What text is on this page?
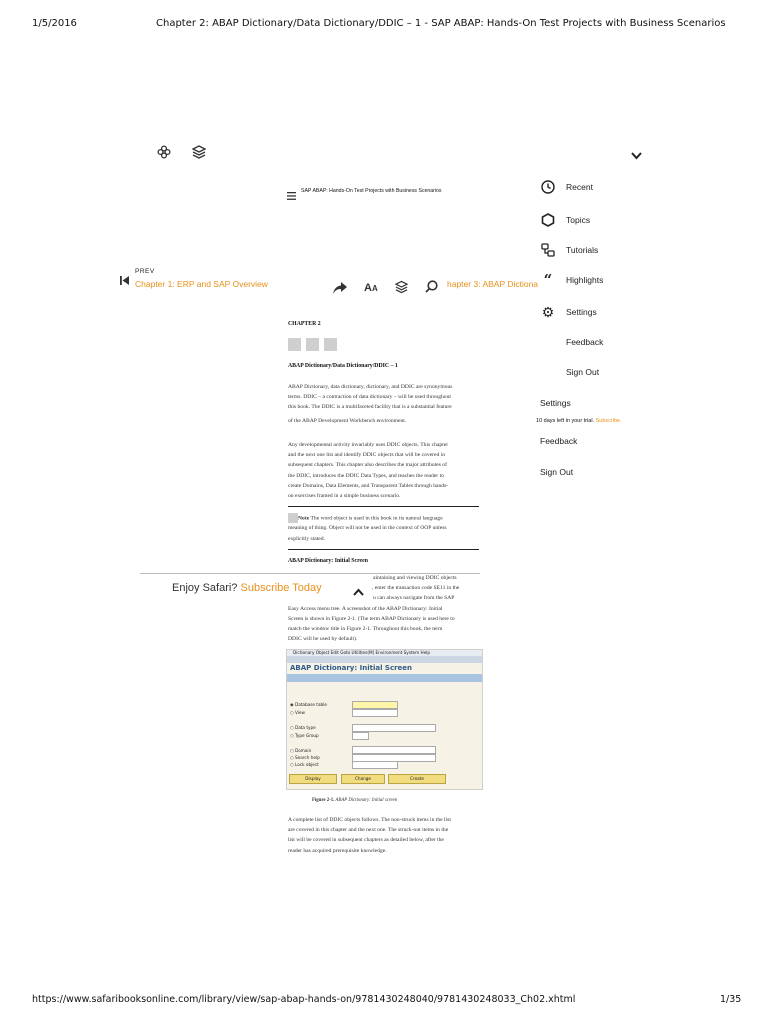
1/5/2016	Chapter 2: ABAP Dictionary/Data Dictionary/DDIC – 1 - SAP ABAP: Hands-On Test Projects with Business Scenarios
SAP ABAP: Hands-On Test Projects with Business Scenarios	Recent
Topics
Tutorials
“	Highlights
⚙	Settings
Feedback
Sign Out
Settings
10 days left in your trial. Subscribe.
Feedback
Sign Out
PREV
Chapter 1: ERP and SAP Overview	hapter 3: ABAP Dictiona
AA
CHAPTER 2
ABAP Dictionary/Data Dictionary/DDIC – 1
ABAP Dictionary, data dictionary, dictionary, and DDIC are synonymous
terms. DDIC – a contraction of data dictionary – will be used throughout
this book. The DDIC is a multifaceted facility that is a substantial feature
of the ABAP Development Workbench environment.
Any developmental activity invariably uses DDIC objects. This chapter
and the next one list and identify DDIC objects that will be covered in
subsequent chapters. This chapter also describes the major attributes of
the DDIC, introduces the DDIC Data Types, and teaches the reader to
create Domains, Data Elements, and Transparent Tables through hands-
on exercises framed in a simple business scenario.
Note The word object is used in this book in its natural language
meaning of thing. Object will not be used in the context of OOP unless
explicitly stated.
ABAP Dictionary: Initial Screen
Enjoy Safari? Subscribe Today
aintaining and viewing DDIC objects
, enter the transaction code SE11 in the
u can always navigate from the SAP
Easy Access menu tree. A screenshot of the ABAP Dictionary: Initial
Screen is shown in Figure 2-1. (The term ABAP Dictionary is used here to
match the window title in Figure 2-1. Throughout this book, the term
DDIC will be used by default).
Dictionary Object Edit Goto Utilities(M) Environment System Help
ABAP Dictionary: Initial Screen
◉ Database table
○ View
○ Data type
○ Type Group
○ Domain
○ Search help
○ Lock object
Display	Change	Create
Figure 2-1. ABAP Dictionary: Initial screen
A complete list of DDIC objects follows. The non-struck items in the list
are covered in this chapter and the next one. The struck-out items in the
list will be covered in subsequent chapters as detailed below, after the
reader has acquired prerequisite knowledge.
https://www.safaribooksonline.com/library/view/sap-abap-hands-on/9781430248040/9781430248033_Ch02.xhtml	1/35
